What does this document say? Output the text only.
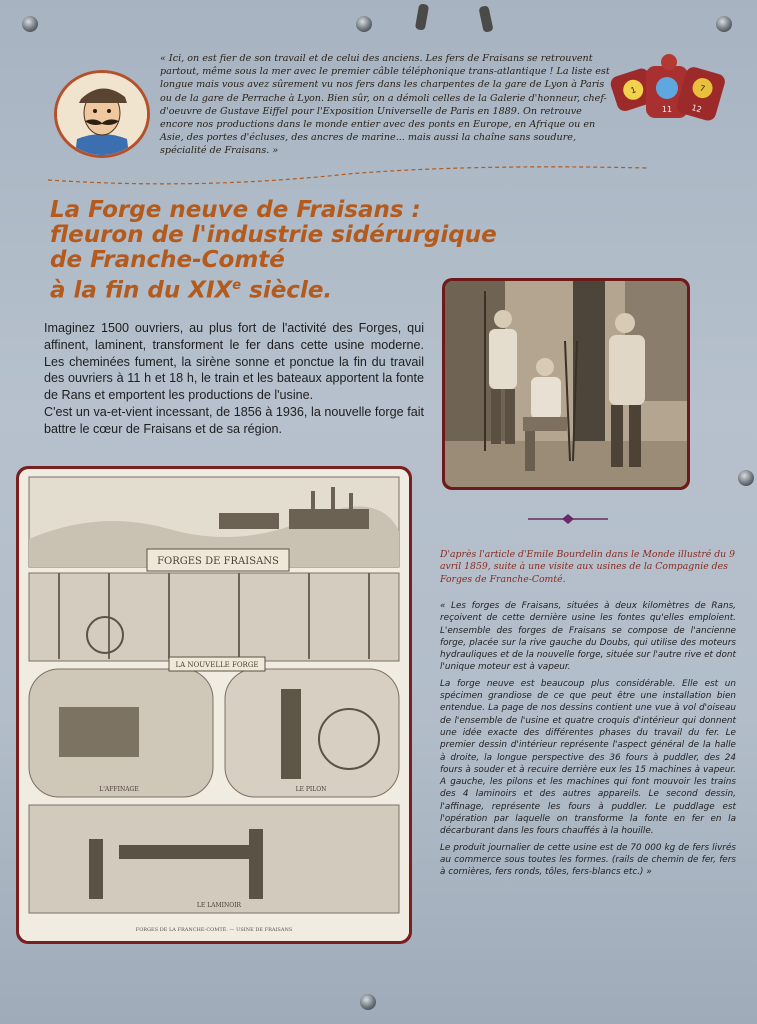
« Ici, on est fier de son travail et de celui des anciens. Les fers de Fraisans se retrouvent partout, même sous la mer avec le premier câble téléphonique trans-atlantique ! La liste est longue mais vous avez sûrement vu nos fers dans les charpentes de la gare de Lyon à Paris ou de la gare de Perrache à Lyon. Bien sûr, on a démoli celles de la Galerie d'honneur, chef-d'oeuvre de Gustave Eiffel pour l'Exposition Universelle de Paris en 1889. On retrouve encore nos productions dans le monde entier avec des ponts en Europe, en Afrique ou en Asie, des portes d'écluses, des ancres de marine... mais aussi la chaîne sans soudure, spécialité de Fraisans. »
1
11
7
12
La Forge neuve de Fraisans :
fleuron de l'industrie sidérurgique
de Franche-Comté
à la fin du XIXe siècle.

Imaginez 1500 ouvriers, au plus fort de l'activité des Forges, qui affinent, laminent, transforment le fer dans cette usine moderne. Les cheminées fument, la sirène sonne et ponctue la fin du travail des ouvriers à 11 h et 18 h, le train et les bateaux apportent la fonte de Rans et emportent les productions de l'usine.

C'est un va-et-vient incessant, de 1856 à 1936, la nouvelle forge fait battre le cœur de Fraisans et de sa région.

FORGES DE FRAISANS
LA NOUVELLE FORGE
L'AFFINAGE	LE PILON
LE LAMINOIR
FORGES DE LA FRANCHE-COMTÉ. — USINE DE FRAISANS
D'après l'article d'Emile Bourdelin dans le Monde illustré du 9 avril 1859, suite à une visite aux usines de la Compagnie des Forges de Franche-Comté.

« Les forges de Fraisans, situées à deux kilomètres de Rans, reçoivent de cette dernière usine les fontes qu'elles emploient. L'ensemble des forges de Fraisans se compose de l'ancienne forge, placée sur la rive gauche du Doubs, qui utilise des moteurs hydrauliques et de la nouvelle forge, située sur l'autre rive et dont l'unique moteur est à vapeur.

La forge neuve est beaucoup plus considérable. Elle est un spécimen grandiose de ce que peut être une installation bien entendue. La page de nos dessins contient une vue à vol d'oiseau de l'ensemble de l'usine et quatre croquis d'intérieur qui donnent une idée exacte des différentes phases du travail du fer. Le premier dessin d'intérieur représente l'aspect général de la halle à droite, la longue perspective des 36 fours à puddler, des 24 fours à souder et à recuire derrière eux les 15 machines à vapeur. A gauche, les pilons et les machines qui font mouvoir les trains des 4 laminoirs et des autres appareils. Le second dessin, l'affinage, représente les fours à puddler. Le puddlage est l'opération par laquelle on transforme la fonte en fer en la décarburant dans les fours chauffés à la houille.

Le produit journalier de cette usine est de 70 000 kg de fers livrés au commerce sous toutes les formes. (rails de chemin de fer, fers à cornières, fers ronds, tôles, fers-blancs etc.) »
